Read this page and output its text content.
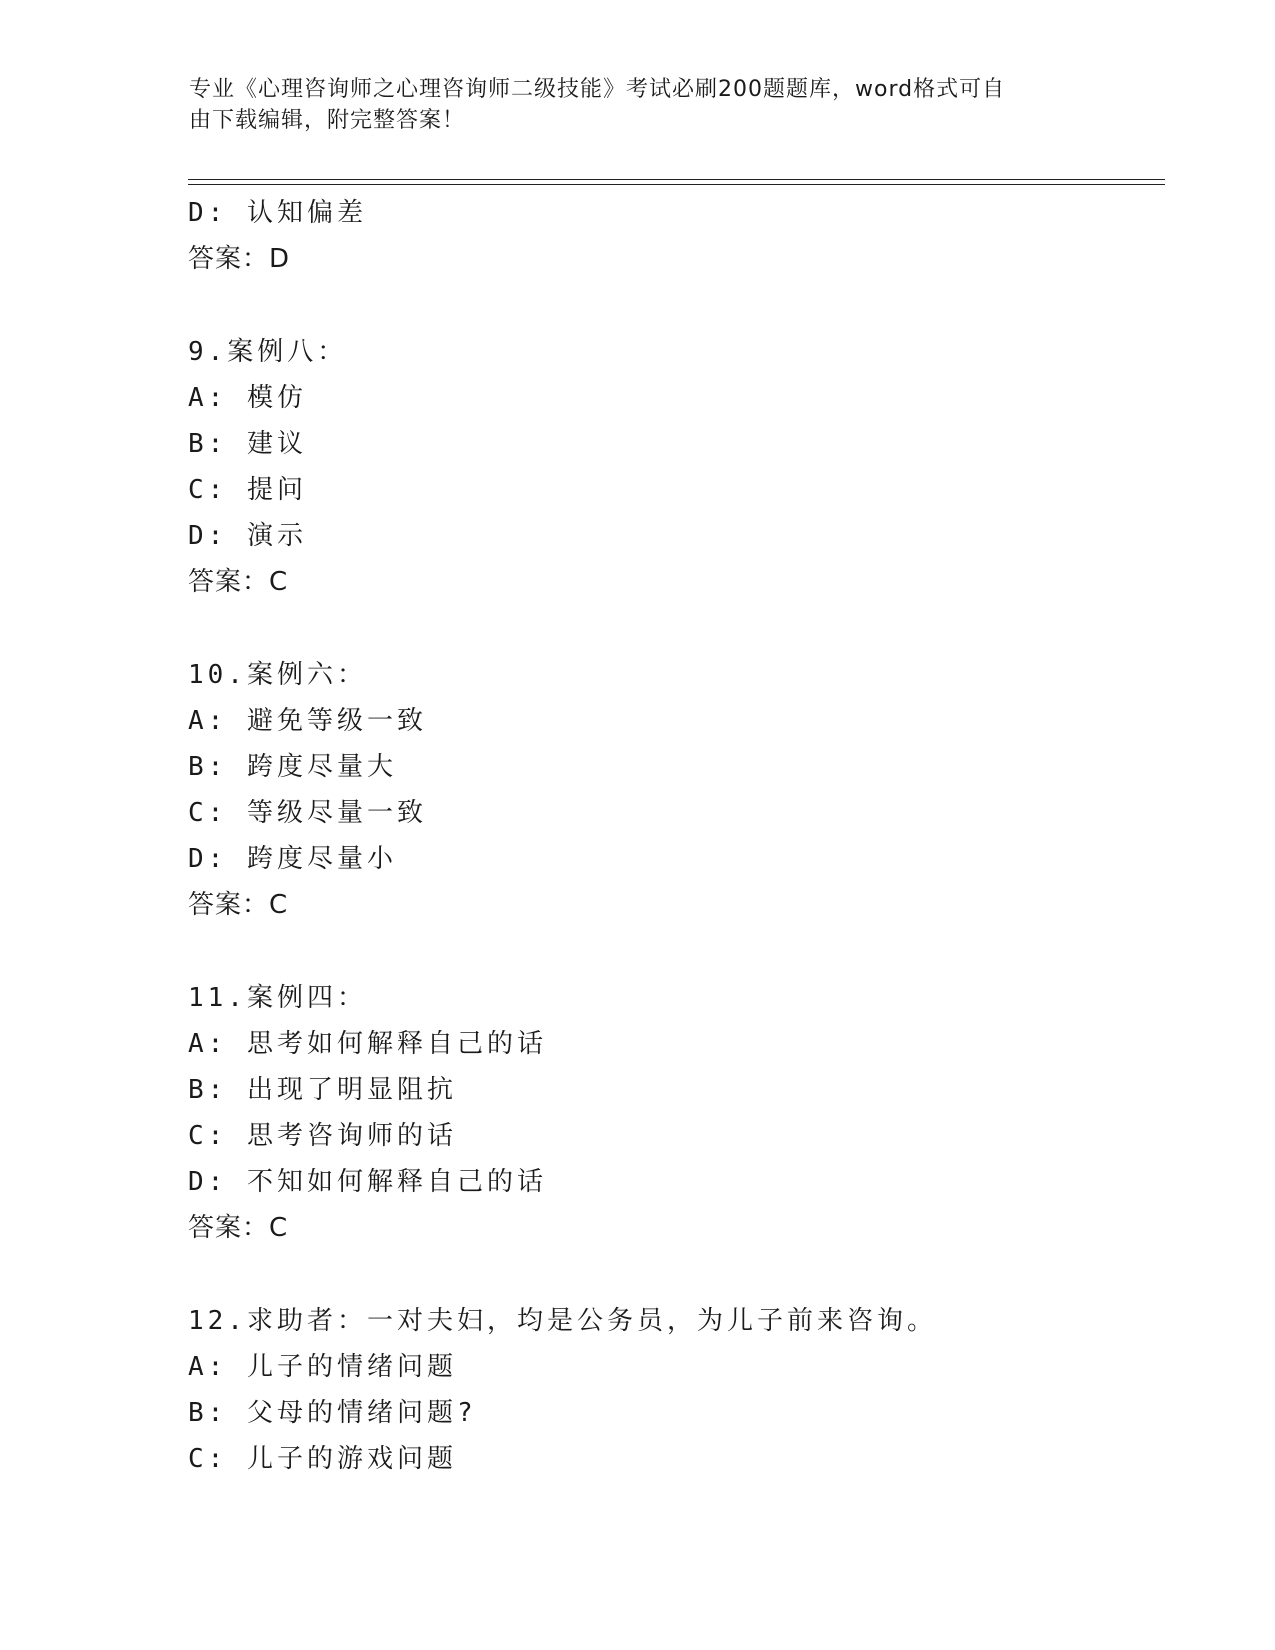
专业《心理咨询师之心理咨询师二级技能》考试必刷200题题库，word格式可自
由下载编辑，附完整答案！
D: 认知偏差
答案：D
9.案例八：
A: 模仿
B: 建议
C: 提问
D: 演示
答案：C
10.案例六：
A: 避免等级一致
B: 跨度尽量大
C: 等级尽量一致
D: 跨度尽量小
答案：C
11.案例四：
A: 思考如何解释自己的话
B: 出现了明显阻抗
C: 思考咨询师的话
D: 不知如何解释自己的话
答案：C
12.求助者：一对夫妇，均是公务员，为儿子前来咨询。
A: 儿子的情绪问题
B: 父母的情绪问题?
C: 儿子的游戏问题
